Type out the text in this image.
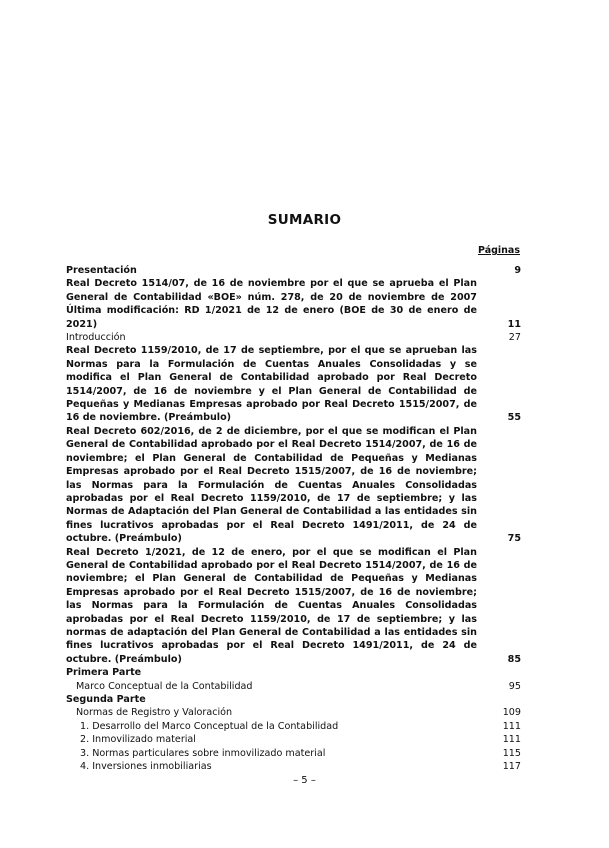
SUMARIO
Páginas
Presentación	9
Real Decreto 1514/07, de 16 de noviembre por el que se aprueba el Plan General de Contabilidad «BOE» núm. 278, de 20 de noviembre de 2007 Última modificación: RD 1/2021 de 12 de enero (BOE de 30 de enero de 2021)	11
Introducción	27
Real Decreto 1159/2010, de 17 de septiembre, por el que se aprueban las Normas para la Formulación de Cuentas Anuales Consolidadas y se modifica el Plan General de Contabilidad aprobado por Real Decreto 1514/2007, de 16 de noviembre y el Plan General de Contabilidad de Pequeñas y Medianas Empresas aprobado por Real Decreto 1515/2007, de 16 de noviembre. (Preámbulo)	55
Real Decreto 602/2016, de 2 de diciembre, por el que se modifican el Plan General de Contabilidad aprobado por el Real Decreto 1514/2007, de 16 de noviembre; el Plan General de Contabilidad de Pequeñas y Medianas Empresas aprobado por el Real Decreto 1515/2007, de 16 de noviembre; las Normas para la Formulación de Cuentas Anuales Consolidadas aprobadas por el Real Decreto 1159/2010, de 17 de septiembre; y las Normas de Adaptación del Plan General de Contabilidad a las entidades sin fines lucrativos aprobadas por el Real Decreto 1491/2011, de 24 de octubre. (Preámbulo)	75
Real Decreto 1/2021, de 12 de enero, por el que se modifican el Plan General de Contabilidad aprobado por el Real Decreto 1514/2007, de 16 de noviembre; el Plan General de Contabilidad de Pequeñas y Medianas Empresas aprobado por el Real Decreto 1515/2007, de 16 de noviembre; las Normas para la Formulación de Cuentas Anuales Consolidadas aprobadas por el Real Decreto 1159/2010, de 17 de septiembre; y las normas de adaptación del Plan General de Contabilidad a las entidades sin fines lucrativos aprobadas por el Real Decreto 1491/2011, de 24 de octubre. (Preámbulo)	85
Primera Parte
Marco Conceptual de la Contabilidad	95
Segunda Parte
Normas de Registro y Valoración	109
1. Desarrollo del Marco Conceptual de la Contabilidad	111
2. Inmovilizado material	111
3. Normas particulares sobre inmovilizado material	115
4. Inversiones inmobiliarias	117
– 5 –
